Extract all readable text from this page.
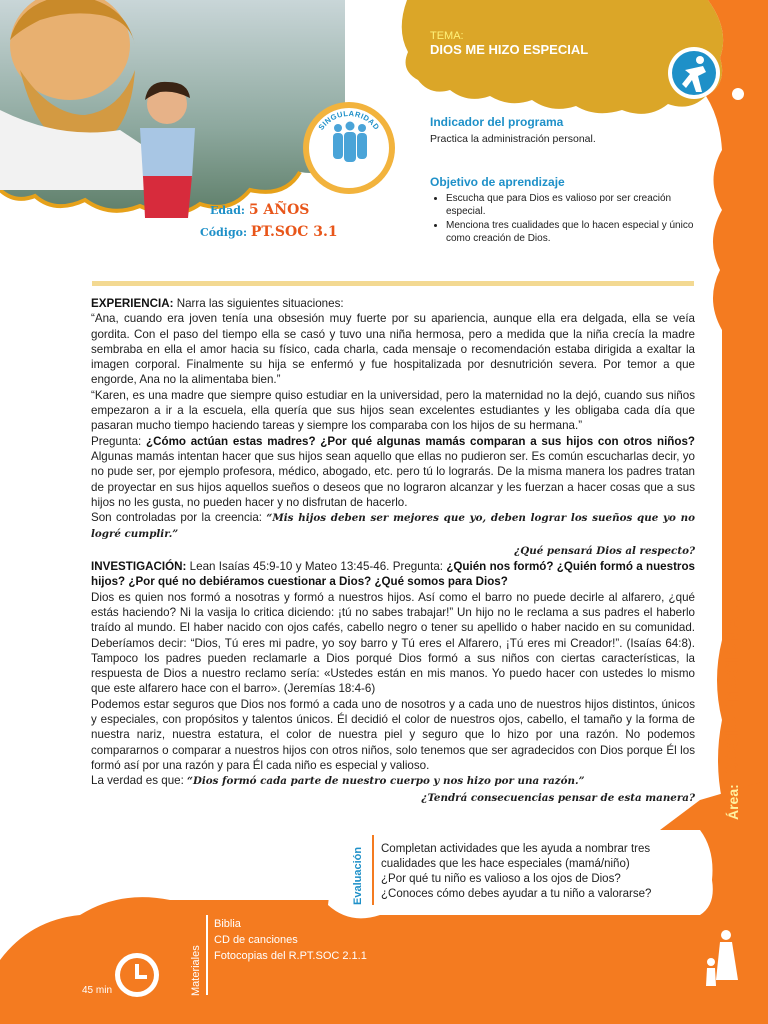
TEMA:
DIOS ME HIZO ESPECIAL
SINGULARIDAD	Indicador del programa
Practica la administración personal.
Objetivo de aprendizaje
• Escucha que para Dios es valioso por ser creación especial.
• Menciona tres cualidades que lo hacen especial y único como creación de Dios.
Edad: 5 AÑOS
Código: PT.SOC 3.1

EXPERIENCIA: Narra las siguientes situaciones:

“Ana, cuando era joven tenía una obsesión muy fuerte por su apariencia, aunque ella era delgada, ella se veía gordita. Con el paso del tiempo ella se casó y tuvo una niña hermosa, pero a medida que la niña crecía la madre sembraba en ella el amor hacia su físico, cada charla, cada mensaje o recomendación estaba dirigida a exaltar la imagen corporal. Finalmente su hija se enfermó y fue hospitalizada por desnutrición severa. Por temor a que engorde, Ana no la alimentaba bien.”

“Karen, es una madre que siempre quiso estudiar en la universidad, pero la maternidad no la dejó, cuando sus niños empezaron a ir a la escuela, ella quería que sus hijos sean excelentes estudiantes y les obligaba cada día que pasaran mucho tiempo haciendo tareas y siempre los comparaba con los hijos de su hermana.”

Pregunta: ¿Cómo actúan estas madres? ¿Por qué algunas mamás comparan a sus hijos con otros niños? Algunas mamás intentan hacer que sus hijos sean aquello que ellas no pudieron ser. Es común escucharlas decir, yo no pude ser, por ejemplo profesora, médico, abogado, etc. pero tú lo lograrás. De la misma manera los padres tratan de proyectar en sus hijos aquellos sueños o deseos que no lograron alcanzar y les fuerzan a hacer cosas que a sus hijos no les gusta, no pueden hacer y no disfrutan de hacerlo.

Son controladas por la creencia: “Mis hijos deben ser mejores que yo, deben lograr los sueños que yo no logré cumplir.”

¿Qué pensará Dios al respecto?

INVESTIGACIÓN: Lean Isaías 45:9-10 y Mateo 13:45-46. Pregunta: ¿Quién nos formó? ¿Quién formó a nuestros hijos? ¿Por qué no debiéramos cuestionar a Dios? ¿Qué somos para Dios?

Dios es quien nos formó a nosotras y formó a nuestros hijos. Así como el barro no puede decirle al alfarero, ¿qué estás haciendo? Ni la vasija lo critica diciendo: ¡tú no sabes trabajar!” Un hijo no le reclama a sus padres el haberlo traído al mundo. El haber nacido con ojos cafés, cabello negro o tener su apellido o haber nacido en su comunidad. Deberíamos decir: “Dios, Tú eres mi padre, yo soy barro y Tú eres el Alfarero, ¡Tú eres mi Creador!”. (Isaías 64:8). Tampoco los padres pueden reclamarle a Dios porqué Dios formó a sus niños con ciertas características, la respuesta de Dios a nuestro reclamo sería: «Ustedes están en mis manos. Yo puedo hacer con ustedes lo mismo que este alfarero hace con el barro». (Jeremías 18:4-6)

Podemos estar seguros que Dios nos formó a cada uno de nosotros y a cada uno de nuestros hijos distintos, únicos y especiales, con propósitos y talentos únicos. Él decidió el color de nuestros ojos, cabello, el tamaño y la forma de nuestra nariz, nuestra estatura, el color de nuestra piel y seguro que lo hizo por una razón. No podemos compararnos o comparar a nuestros hijos con otros niños, solo tenemos que ser agradecidos con Dios porque Él los formó así por una razón y para Él cada niño es especial y valioso.

La verdad es que: “Dios formó cada parte de nuestro cuerpo y nos hizo por una razón.”

¿Tendrá consecuencias pensar de esta manera?

Evaluación Completan actividades que les ayuda a nombrar tres cualidades que les hace especiales (mamá/niño)
¿Por qué tu niño es valioso a los ojos de Dios?
¿Conoces cómo debes ayudar a tu niño a valorarse?
Materiales
Biblia
CD de canciones
Fotocopias del R.PT.SOC 2.1.1
45 min
Área:SOCIOEMOCIONAL
